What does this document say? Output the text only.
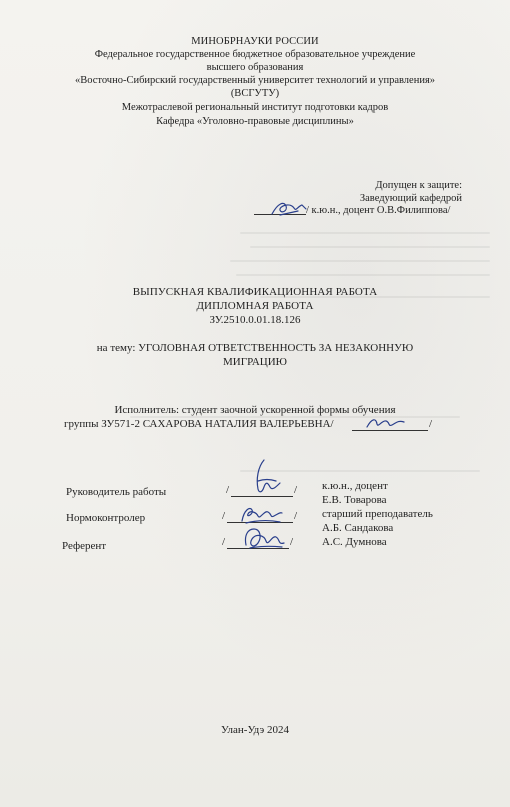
МИНОБРНАУКИ РОССИИ
Федеральное государственное бюджетное образовательное учреждение
высшего образования
«Восточно-Сибирский государственный университет технологий и управления»
(ВСГУТУ)
Межотраслевой региональный институт подготовки кадров
Кафедра «Уголовно-правовые дисциплины»
Допущен к защите:
Заведующий кафедрой
/ к.ю.н., доцент О.В.Филиппова/
ВЫПУСКНАЯ КВАЛИФИКАЦИОННАЯ РАБОТА
ДИПЛОМНАЯ РАБОТА
ЗУ.2510.0.01.18.126
на тему: УГОЛОВНАЯ ОТВЕТСТВЕННОСТЬ ЗА НЕЗАКОННУЮ
МИГРАЦИЮ
Исполнитель: студент заочной ускоренной формы обучения
группы ЗУ571-2 САХАРОВА НАТАЛИЯ ВАЛЕРЬЕВНА/	/
Руководитель работы	/	/ к.ю.н., доцент
Е.В. Товарова
Нормоконтролер	/	/ старший преподаватель
А.Б. Сандакова
Референт	/	/	А.С. Думнова
Улан-Удэ 2024
